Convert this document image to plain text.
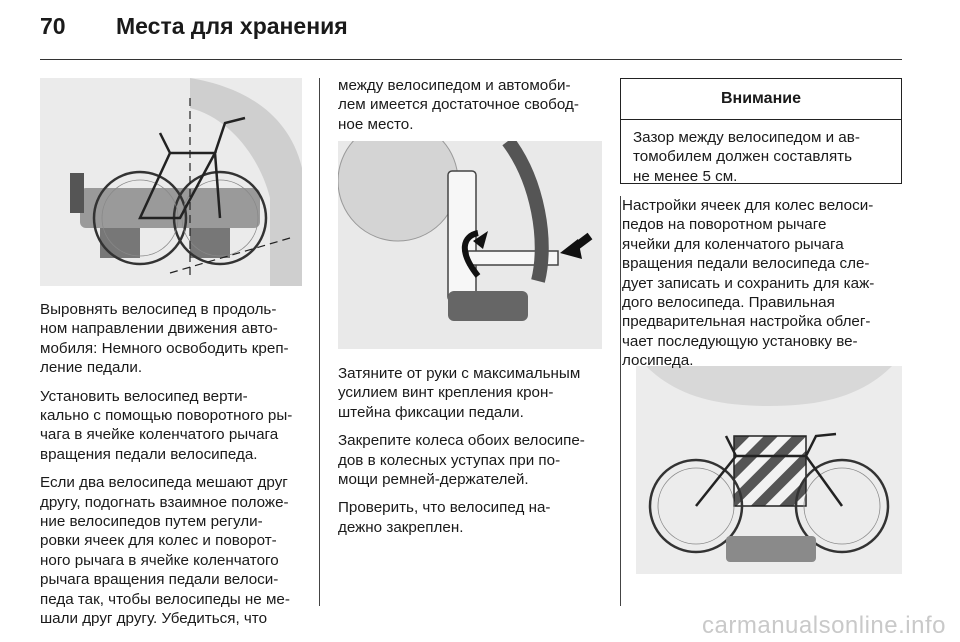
70 Места для хранения

Выровнять велосипед в продоль-
ном направлении движения авто-
мобиля: Немного освободить креп-
ление педали.

Установить велосипед верти-
кально с помощью поворотного ры-
чага в ячейке коленчатого рычага
вращения педали велосипеда.

Если два велосипеда мешают друг
другу, подогнать взаимное положе-
ние велосипедов путем регули-
ровки ячеек для колес и поворот-
ного рычага в ячейке коленчатого
рычага вращения педали велоси-
педа так, чтобы велосипеды не ме-
шали друг другу. Убедиться, что

между велосипедом и автомоби-
лем имеется достаточное свобод-
ное место.

Затяните от руки с максимальным
усилием винт крепления крон-
штейна фиксации педали.

Закрепите колеса обоих велосипе-
дов в колесных уступах при по-
мощи ремней-держателей.

Проверить, что велосипед на-
дежно закреплен.

Внимание
Зазор между велосипедом и ав-
томобилем должен составлять
не менее 5 см.

Настройки ячеек для колес велоси-
педов на поворотном рычаге
ячейки для коленчатого рычага
вращения педали велосипеда сле-
дует записать и сохранить для каж-
дого велосипеда. Правильная
предварительная настройка облег-
чает последующую установку ве-
лосипеда.

carmanualsonline.info
